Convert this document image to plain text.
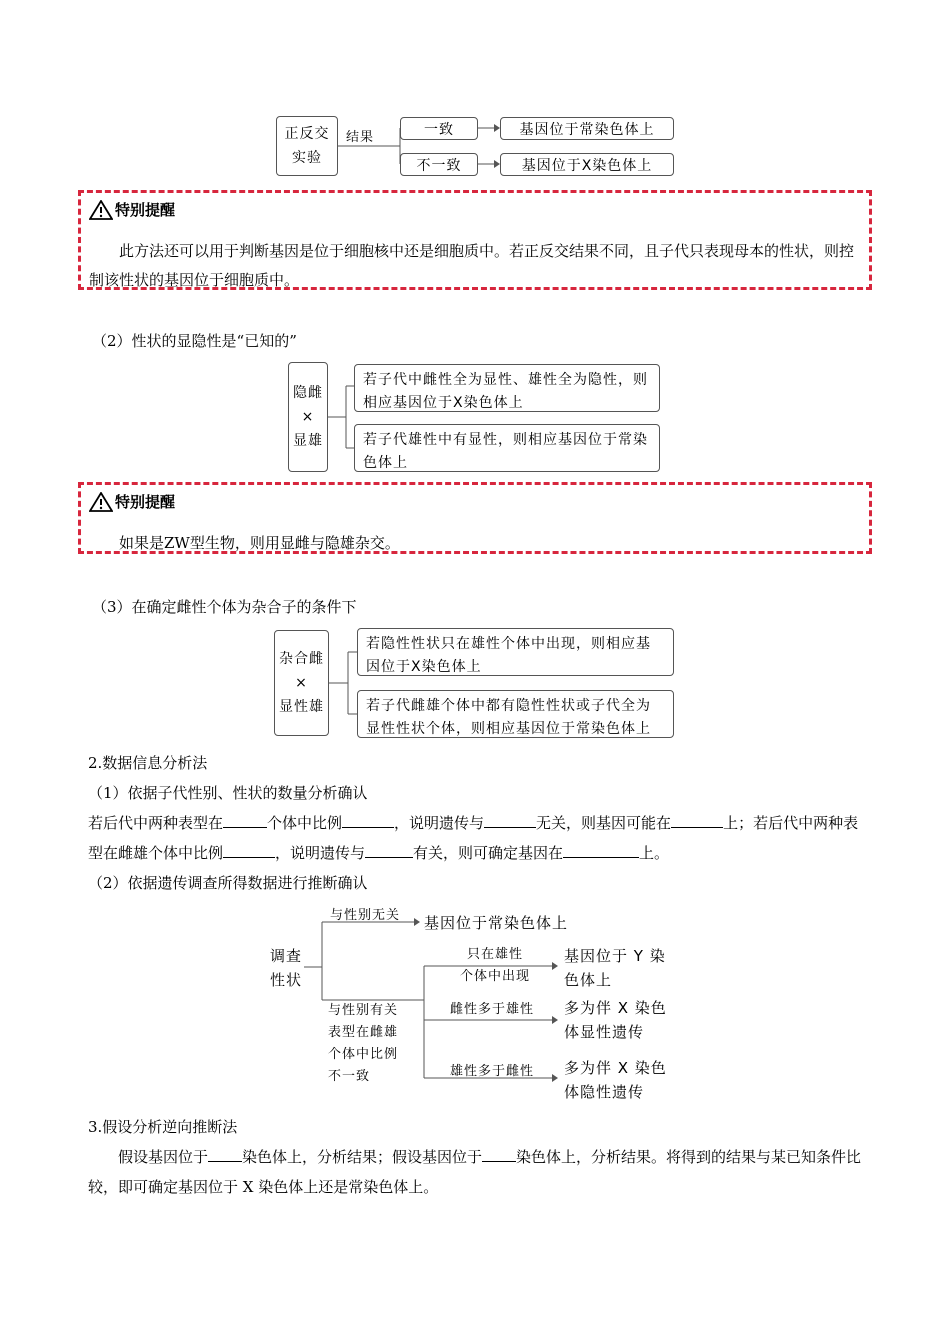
正反交
实验
结果	一致
不一致
基因位于常染色体上
基因位于X染色体上
特别提醒
此方法还可以用于判断基因是位于细胞核中还是细胞质中。若正反交结果不同，且子代只表现母本的性状，则控制该性状的基因位于细胞质中。
（2）性状的显隐性是“已知的”
隐雌
×
显雄
若子代中雌性全为显性、雄性全为隐性，则相应基因位于X染色体上
若子代雄性中有显性，则相应基因位于常染色体上
特别提醒
如果是ZW型生物，则用显雌与隐雄杂交。
（3）在确定雌性个体为杂合子的条件下
杂合雌
×
显性雄
若隐性性状只在雄性个体中出现，则相应基因位于X染色体上
若子代雌雄个体中都有隐性性状或子代全为显性性状个体，则相应基因位于常染色体上
2.数据信息分析法
（1）依据子代性别、性状的数量分析确认
若后代中两种表型在	个体中比例	，说明遗传与	无关，则基因可能在	上；若后代中两种表型在雌雄个体中比例	，说明遗传与	有关，则可确定基因在	上。
（2）依据遗传调查所得数据进行推断确认
调查
性状
与性别无关 基因位于常染色体上
与性别有关
表型在雌雄
个体中比例
不一致
只在雄性
个体中出现
基因位于 Y 染
色体上
雌性多于雄性 多为伴 X 染色
体显性遗传
雄性多于雌性 多为伴 X 染色
体隐性遗传
3.假设分析逆向推断法
假设基因位于 染色体上，分析结果；假设基因位于 染色体上，分析结果。将得到的结果与某已知条件比较，即可确定基因位于 X 染色体上还是常染色体上。
